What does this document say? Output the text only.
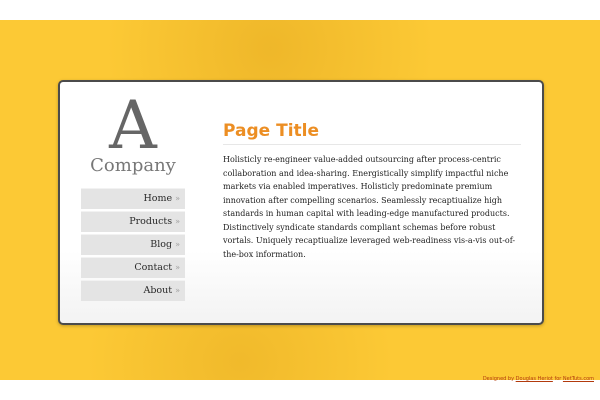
A
Company
Home »
Products »
Blog »
Contact »
About »
Page Title

Holisticly re-engineer value-added outsourcing after process-centric collaboration and idea-sharing. Energistically simplify impactful niche markets via enabled imperatives. Holisticly predominate premium innovation after compelling scenarios. Seamlessly recaptiualize high standards in human capital with leading-edge manufactured products. Distinctively syndicate standards compliant schemas before robust vortals. Uniquely recaptiualize leveraged web-readiness vis-a-vis out-of-the-box information.

Designed by Douglas Heriot for NetTuts.com
